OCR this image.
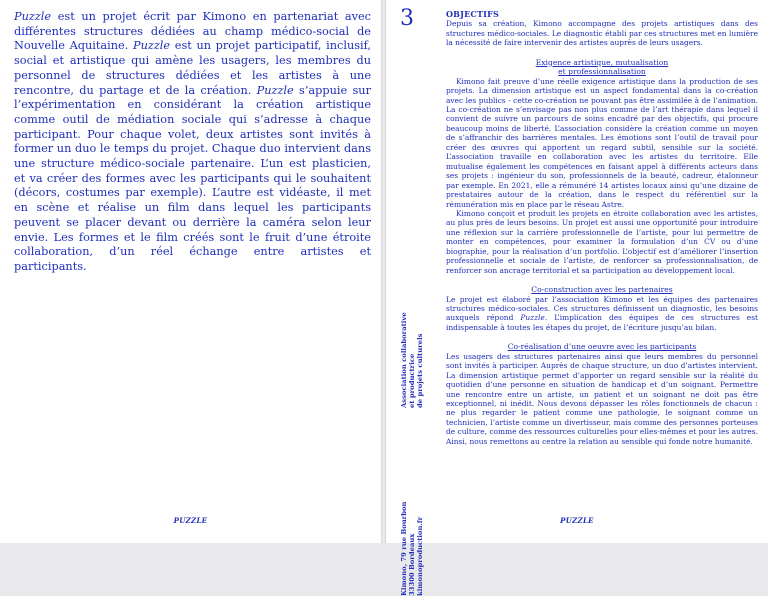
Puzzle est un projet écrit par Kimono en partenariat avec différentes structures dédiées au champ médico-social de Nouvelle Aquitaine. Puzzle est un projet participatif, inclusif, social et artistique qui amène les usagers, les membres du personnel de structures dédiées et les artistes à une rencontre, du partage et de la création. Puzzle s’appuie sur l’expérimentation en considérant la création artistique comme outil de médiation sociale qui s’adresse à chaque participant. Pour chaque volet, deux artistes sont invités à former un duo le temps du projet. Chaque duo intervient dans une structure médico-sociale partenaire. L’un est plasticien, et va créer des formes avec les participants qui le souhaitent (décors, costumes par exemple). L’autre est vidéaste, il met en scène et réalise un film dans lequel les participants peuvent se placer devant ou derrière la caméra selon leur envie. Les formes et le film créés sont le fruit d’une étroite collaboration, d’un réel échange entre artistes et participants.

PUZZLE
3
Association collaborative et productrice de projets culturels
Kimono, 79 rue Bourbon 33300 Bordeaux kimonoproduction.fr
OBJECTIFS

Depuis sa création, Kimono accompagne des projets artistiques dans des structures médico-sociales. Le diagnostic établi par ces structures met en lumière la nécessité de faire intervenir des artistes auprès de leurs usagers.

Exigence artistique, mutualisation
et professionnalisation

Kimono fait preuve d’une réelle exigence artistique dans la production de ses projets. La dimension artistique est un aspect fondamental dans la co-création avec les publics - cette co-création ne pouvant pas être assimilée à de l’animation. La co-création ne s’envisage pas non plus comme de l’art thérapie dans lequel il convient de suivre un parcours de soins encadré par des objectifs, qui procure beaucoup moins de liberté. L’association considère la création comme un moyen de s’affranchir des barrières mentales. Les émotions sont l’outil de travail pour créer des œuvres qui apportent un regard subtil, sensible sur la société. L’association travaille en collaboration avec les artistes du territoire. Elle mutualise également les compétences en faisant appel à différents acteurs dans ses projets : ingénieur du son, professionnels de la beauté, cadreur, étalonneur par exemple. En 2021, elle a rémunéré 14 artistes locaux ainsi qu’une dizaine de prestataires autour de la création, dans le respect du référentiel sur la rémunération mis en place par le réseau Astre.

Kimono conçoit et produit les projets en étroite collaboration avec les artistes, au plus près de leurs besoins. Un projet est aussi une opportunité pour introduire une réflexion sur la carrière professionnelle de l’artiste, pour lui permettre de monter en compétences, pour examiner la formulation d’un CV ou d’une biographie, pour la réalisation d’un portfolio. L’objectif est d’améliorer l’insertion professionnelle et sociale de l’artiste, de renforcer sa professionnalisation, de renforcer son ancrage territorial et sa participation au développement local.

Co-construction avec les partenaires

Le projet est élaboré par l’association Kimono et les équipes des partenaires structures médico-sociales. Ces structures définissent un diagnostic, les besoins auxquels répond Puzzle. L’implication des équipes de ces structures est indispensable à toutes les étapes du projet, de l’écriture jusqu’au bilan.

Co-réalisation d’une oeuvre avec les participants

Les usagers des structures partenaires ainsi que leurs membres du personnel sont invités à participer. Auprès de chaque structure, un duo d’artistes intervient. La dimension artistique permet d’apporter un regard sensible sur la réalité du quotidien d’une personne en situation de handicap et d’un soignant. Permettre une rencontre entre un artiste, un patient et un soignant ne doit pas être exceptionnel, ni inédit. Nous devons dépasser les rôles fonctionnels de chacun : ne plus regarder le patient comme une pathologie, le soignant comme un technicien, l’artiste comme un divertisseur, mais comme des personnes porteuses de culture, comme des ressources culturelles pour elles-mêmes et pour les autres. Ainsi, nous remettons au centre la relation au sensible qui fonde notre humanité.

PUZZLE
